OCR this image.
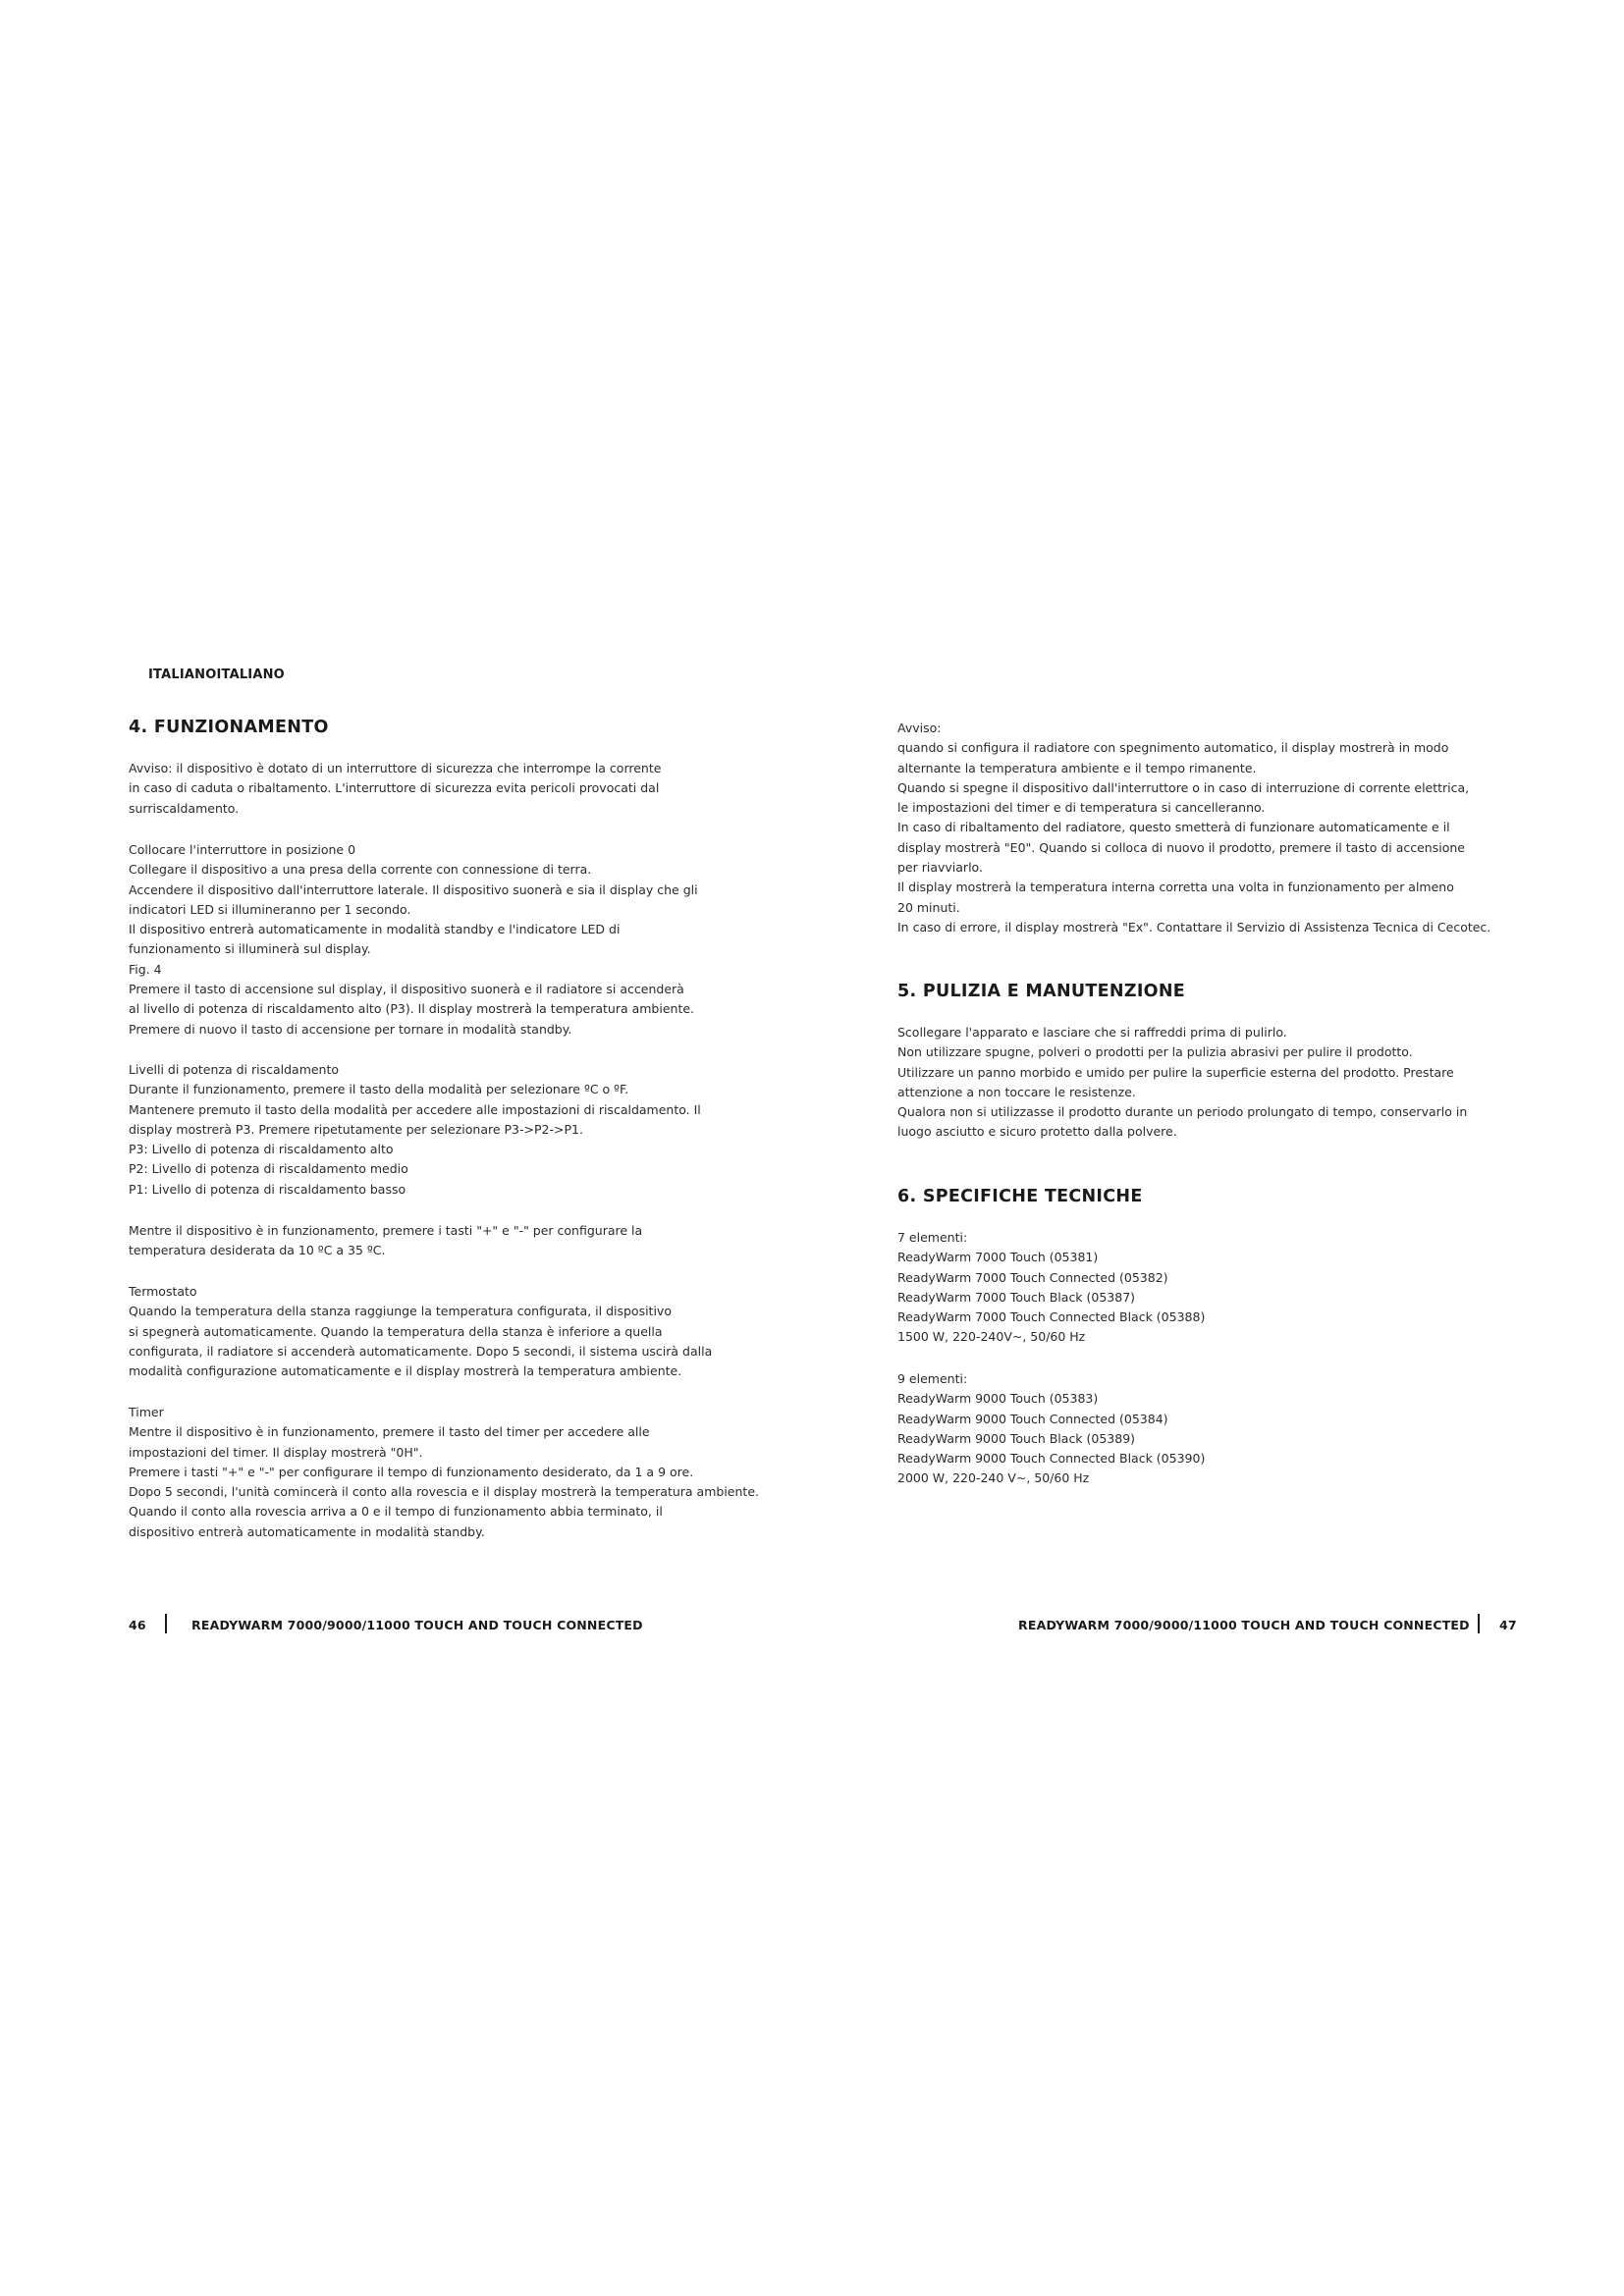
ITALIANOITALIANO
4. FUNZIONAMENTO
Avviso: il dispositivo è dotato di un interruttore di sicurezza che interrompe la corrente
in caso di caduta o ribaltamento. L'interruttore di sicurezza evita pericoli provocati dal
surriscaldamento.
Collocare l'interruttore in posizione 0
Collegare il dispositivo a una presa della corrente con connessione di terra.
Accendere il dispositivo dall'interruttore laterale. Il dispositivo suonerà e sia il display che gli
indicatori LED si illumineranno per 1 secondo.
Il dispositivo entrerà automaticamente in modalità standby e l'indicatore LED di
funzionamento si illuminerà sul display.
Fig. 4
Premere il tasto di accensione sul display, il dispositivo suonerà e il radiatore si accenderà
al livello di potenza di riscaldamento alto (P3). Il display mostrerà la temperatura ambiente.
Premere di nuovo il tasto di accensione per tornare in modalità standby.
Livelli di potenza di riscaldamento
Durante il funzionamento, premere il tasto della modalità per selezionare ºC o ºF.
Mantenere premuto il tasto della modalità per accedere alle impostazioni di riscaldamento. Il
display mostrerà P3. Premere ripetutamente per selezionare P3->P2->P1.
P3: Livello di potenza di riscaldamento alto
P2: Livello di potenza di riscaldamento medio
P1: Livello di potenza di riscaldamento basso
Mentre il dispositivo è in funzionamento, premere i tasti "+" e "-" per configurare la
temperatura desiderata da 10 ºC a 35 ºC.
Termostato
Quando la temperatura della stanza raggiunge la temperatura configurata, il dispositivo
si spegnerà automaticamente. Quando la temperatura della stanza è inferiore a quella
configurata, il radiatore si accenderà automaticamente. Dopo 5 secondi, il sistema uscirà dalla
modalità configurazione automaticamente e il display mostrerà la temperatura ambiente.
Timer
Mentre il dispositivo è in funzionamento, premere il tasto del timer per accedere alle
impostazioni del timer. Il display mostrerà "0H".
Premere i tasti "+" e "-" per configurare il tempo di funzionamento desiderato, da 1 a 9 ore.
Dopo 5 secondi, l'unità comincerà il conto alla rovescia e il display mostrerà la temperatura ambiente.
Quando il conto alla rovescia arriva a 0 e il tempo di funzionamento abbia terminato, il
dispositivo entrerà automaticamente in modalità standby.
Avviso:
quando si configura il radiatore con spegnimento automatico, il display mostrerà in modo
alternante la temperatura ambiente e il tempo rimanente.
Quando si spegne il dispositivo dall'interruttore o in caso di interruzione di corrente elettrica,
le impostazioni del timer e di temperatura si cancelleranno.
In caso di ribaltamento del radiatore, questo smetterà di funzionare automaticamente e il
display mostrerà "E0". Quando si colloca di nuovo il prodotto, premere il tasto di accensione
per riavviarlo.
Il display mostrerà la temperatura interna corretta una volta in funzionamento per almeno
20 minuti.
In caso di errore, il display mostrerà "Ex". Contattare il Servizio di Assistenza Tecnica di Cecotec.
5. PULIZIA E MANUTENZIONE
Scollegare l'apparato e lasciare che si raffreddi prima di pulirlo.
Non utilizzare spugne, polveri o prodotti per la pulizia abrasivi per pulire il prodotto.
Utilizzare un panno morbido e umido per pulire la superficie esterna del prodotto. Prestare
attenzione a non toccare le resistenze.
Qualora non si utilizzasse il prodotto durante un periodo prolungato di tempo, conservarlo in
luogo asciutto e sicuro protetto dalla polvere.
6. SPECIFICHE TECNICHE
7 elementi:
ReadyWarm 7000 Touch (05381)
ReadyWarm 7000 Touch Connected (05382)
ReadyWarm 7000 Touch Black (05387)
ReadyWarm 7000 Touch Connected Black (05388)
1500 W, 220-240V~, 50/60 Hz
9 elementi:
ReadyWarm 9000 Touch (05383)
ReadyWarm 9000 Touch Connected (05384)
ReadyWarm 9000 Touch Black (05389)
ReadyWarm 9000 Touch Connected Black (05390)
2000 W, 220-240 V~, 50/60 Hz
46	READYWARM 7000/9000/11000 TOUCH AND TOUCH CONNECTED	READYWARM 7000/9000/11000 TOUCH AND TOUCH CONNECTED 47
